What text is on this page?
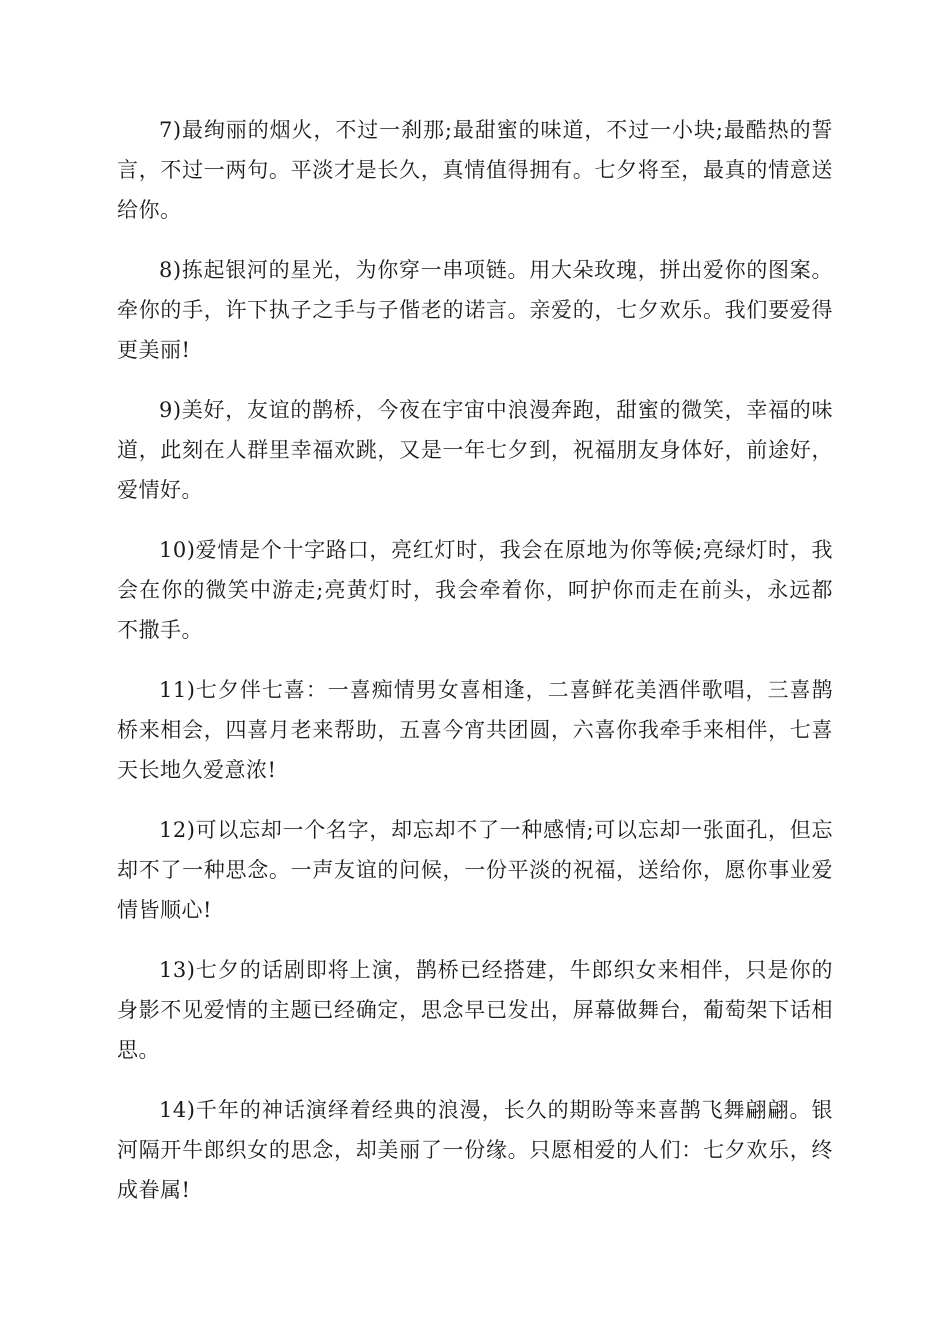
7)最绚丽的烟火，不过一刹那;最甜蜜的味道，不过一小块;最酷热的誓言，不过一两句。平淡才是长久，真情值得拥有。七夕将至，最真的情意送给你。

8)拣起银河的星光，为你穿一串项链。用大朵玫瑰，拼出爱你的图案。牵你的手，许下执子之手与子偕老的诺言。亲爱的，七夕欢乐。我们要爱得更美丽!

9)美好，友谊的鹊桥，今夜在宇宙中浪漫奔跑，甜蜜的微笑，幸福的味道，此刻在人群里幸福欢跳，又是一年七夕到，祝福朋友身体好，前途好，爱情好。

10)爱情是个十字路口，亮红灯时，我会在原地为你等候;亮绿灯时，我会在你的微笑中游走;亮黄灯时，我会牵着你，呵护你而走在前头，永远都不撒手。

11)七夕伴七喜：一喜痴情男女喜相逢，二喜鲜花美酒伴歌唱，三喜鹊桥来相会，四喜月老来帮助，五喜今宵共团圆，六喜你我牵手来相伴，七喜天长地久爱意浓!

12)可以忘却一个名字，却忘却不了一种感情;可以忘却一张面孔，但忘却不了一种思念。一声友谊的问候，一份平淡的祝福，送给你，愿你事业爱情皆顺心!

13)七夕的话剧即将上演，鹊桥已经搭建，牛郎织女来相伴，只是你的身影不见爱情的主题已经确定，思念早已发出，屏幕做舞台，葡萄架下话相思。

14)千年的神话演绎着经典的浪漫，长久的期盼等来喜鹊飞舞翩翩。银河隔开牛郎织女的思念，却美丽了一份缘。只愿相爱的人们：七夕欢乐，终成眷属!
